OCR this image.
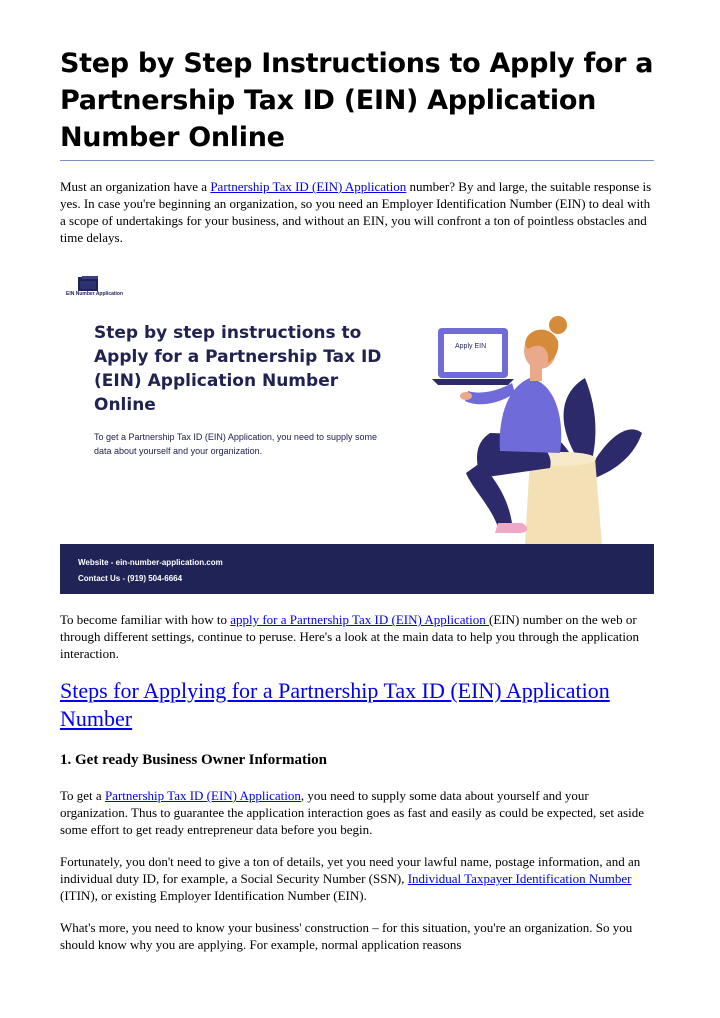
Step by Step Instructions to Apply for a Partnership Tax ID (EIN) Application Number Online

Must an organization have a Partnership Tax ID (EIN) Application number? By and large, the suitable response is yes. In case you're beginning an organization, so you need an Employer Identification Number (EIN) to deal with a scope of undertakings for your business, and without an EIN, you will confront a ton of pointless obstacles and time delays.

EIN Number Application
Step by step instructions to Apply for a Partnership Tax ID (EIN) Application Number Online
To get a Partnership Tax ID (EIN) Application, you need to supply some data about yourself and your organization.
Apply EIN
Website - ein-number-application.com
Contact Us - (919) 504-6664

To become familiar with how to apply for a Partnership Tax ID (EIN) Application (EIN) number on the web or through different settings, continue to peruse. Here's a look at the main data to help you through the application interaction.

Steps for Applying for a Partnership Tax ID (EIN) Application Number
1. Get ready Business Owner Information

To get a Partnership Tax ID (EIN) Application, you need to supply some data about yourself and your organization. Thus to guarantee the application interaction goes as fast and easily as could be expected, set aside some effort to get ready entrepreneur data before you begin.

Fortunately, you don't need to give a ton of details, yet you need your lawful name, postage information, and an individual duty ID, for example, a Social Security Number (SSN), Individual Taxpayer Identification Number (ITIN), or existing Employer Identification Number (EIN).

What's more, you need to know your business' construction – for this situation, you're an organization. So you should know why you are applying. For example, normal application reasons
